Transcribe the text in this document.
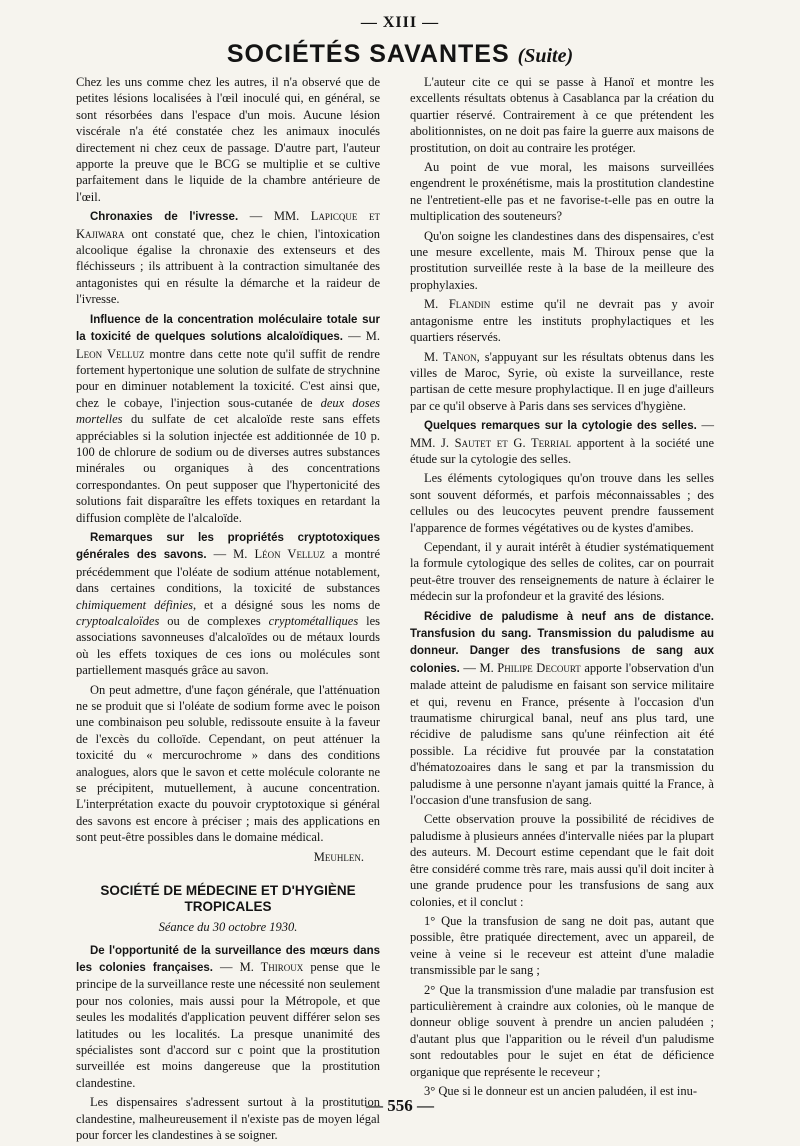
— XIII —
SOCIÉTÉS SAVANTES (Suite)

Chez les uns comme chez les autres, il n'a observé que de petites lésions localisées à l'œil inoculé qui, en général, se sont résorbées dans l'espace d'un mois. Aucune lésion viscérale n'a été constatée chez les animaux inoculés directement ni chez ceux de passage. D'autre part, l'auteur apporte la preuve que le BCG se multiplie et se cultive parfaitement dans le liquide de la chambre antérieure de l'œil.

Chronaxies de l'ivresse. — MM. Lapicque et Kajiwara ont constaté que, chez le chien, l'intoxication alcoolique égalise la chronaxie des extenseurs et des fléchisseurs ; ils attribuent à la contraction simultanée des antagonistes qui en résulte la démarche et la raideur de l'ivresse.

Influence de la concentration moléculaire totale sur la toxicité de quelques solutions alcaloïdiques. — M. Leon Velluz montre dans cette note qu'il suffit de rendre fortement hypertonique une solution de sulfate de strychnine pour en diminuer notablement la toxicité. C'est ainsi que, chez le cobaye, l'injection sous-cutanée de deux doses mortelles du sulfate de cet alcaloïde reste sans effets appréciables si la solution injectée est additionnée de 10 p. 100 de chlorure de sodium ou de diverses autres substances minérales ou organiques à des concentrations correspondantes. On peut supposer que l'hypertonicité des solutions fait disparaître les effets toxiques en retardant la diffusion complète de l'alcaloïde.

Remarques sur les propriétés cryptotoxiques générales des savons. — M. Léon Velluz a montré précédemment que l'oléate de sodium atténue notablement, dans certaines conditions, la toxicité de substances chimiquement définies, et a désigné sous les noms de cryptoalcaloïdes ou de complexes cryptométalliques les associations savonneuses d'alcaloïdes ou de métaux lourds où les effets toxiques de ces ions ou molécules sont partiellement masqués grâce au savon.

On peut admettre, d'une façon générale, que l'atténuation ne se produit que si l'oléate de sodium forme avec le poison une combinaison peu soluble, redissoute ensuite à la faveur de l'excès du colloïde. Cependant, on peut atténuer la toxicité du « mercurochrome » dans des conditions analogues, alors que le savon et cette molécule colorante ne se précipitent, mutuellement, à aucune concentration. L'interprétation exacte du pouvoir cryptotoxique si général des savons est encore à préciser ; mais des applications en sont peut-être possibles dans le domaine médical.

Meuhlen.
SOCIÉTÉ DE MÉDECINE ET D'HYGIÈNE TROPICALES
Séance du 30 octobre 1930.

De l'opportunité de la surveillance des mœurs dans les colonies françaises. — M. Thiroux pense que le principe de la surveillance reste une nécessité non seulement pour nos colonies, mais aussi pour la Métropole, et que seules les modalités d'application peuvent différer selon ses latitudes ou les localités. La presque unanimité des spécialistes sont d'accord sur c point que la prostitution surveillée est moins dangereuse que la prostitution clandestine.

Les dispensaires s'adressent surtout à la prostitution clandestine, malheureusement il n'existe pas de moyen légal pour forcer les clandestines à se soigner.

L'auteur cite ce qui se passe à Hanoï et montre les excellents résultats obtenus à Casablanca par la création du quartier réservé. Contrairement à ce que prétendent les abolitionnistes, on ne doit pas faire la guerre aux maisons de prostitution, on doit au contraire les protéger.

Au point de vue moral, les maisons surveillées engendrent le proxénétisme, mais la prostitution clandestine ne l'entretient-elle pas et ne favorise-t-elle pas en outre la multiplication des souteneurs?

Qu'on soigne les clandestines dans des dispensaires, c'est une mesure excellente, mais M. Thiroux pense que la prostitution surveillée reste à la base de la meilleure des prophylaxies.

M. Flandin estime qu'il ne devrait pas y avoir antagonisme entre les instituts prophylactiques et les quartiers réservés.

M. Tanon, s'appuyant sur les résultats obtenus dans les villes de Maroc, Syrie, où existe la surveillance, reste partisan de cette mesure prophylactique. Il en juge d'ailleurs par ce qu'il observe à Paris dans ses services d'hygiène.

Quelques remarques sur la cytologie des selles. — MM. J. Sautet et G. Terrial apportent à la société une étude sur la cytologie des selles.

Les éléments cytologiques qu'on trouve dans les selles sont souvent déformés, et parfois méconnaissables ; des cellules ou des leucocytes peuvent prendre faussement l'apparence de formes végétatives ou de kystes d'amibes.

Cependant, il y aurait intérêt à étudier systématiquement la formule cytologique des selles de colites, car on pourrait peut-être trouver des renseignements de nature à éclairer le médecin sur la profondeur et la gravité des lésions.

Récidive de paludisme à neuf ans de distance. Transfusion du sang. Transmission du paludisme au donneur. Danger des transfusions de sang aux colonies. — M. Philipe Decourt apporte l'observation d'un malade atteint de paludisme en faisant son service militaire et qui, revenu en France, présente à l'occasion d'un traumatisme chirurgical banal, neuf ans plus tard, une récidive de paludisme sans qu'une réinfection ait été possible. La récidive fut prouvée par la constatation d'hématozoaires dans le sang et par la transmission du paludisme à une personne n'ayant jamais quitté la France, à l'occasion d'une transfusion de sang.

Cette observation prouve la possibilité de récidives de paludisme à plusieurs années d'intervalle niées par la plupart des auteurs. M. Decourt estime cependant que le fait doit être considéré comme très rare, mais aussi qu'il doit inciter à une grande prudence pour les transfusions de sang aux colonies, et il conclut :

1° Que la transfusion de sang ne doit pas, autant que possible, être pratiquée directement, avec un appareil, de veine à veine si le receveur est atteint d'une maladie transmissible par le sang ;

2° Que la transmission d'une maladie par transfusion est particulièrement à craindre aux colonies, où le manque de donneur oblige souvent à prendre un ancien paludéen ; d'autant plus que l'apparition ou le réveil d'un paludisme sont redoutables pour le sujet en état de déficience organique que représente le receveur ;

3° Que si le donneur est un ancien paludéen, il est inu-

— 556 —
